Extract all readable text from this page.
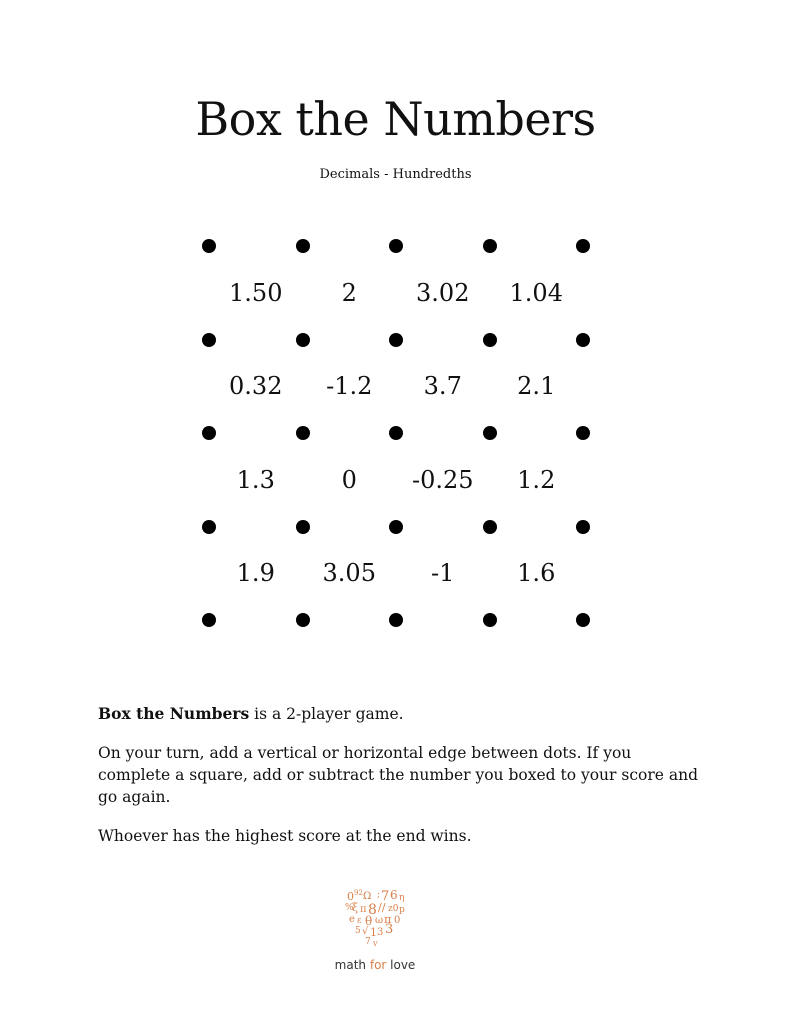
Box the Numbers
Decimals - Hundredths
1.50 2 3.02 1.04
0.32 -1.2 3.7 2.1
1.3	0 -0.25 1.2
1.9 3.05 -1	1.6

Box the Numbers is a 2-player game.

On your turn, add a vertical or horizontal edge between dots. If you complete a square, add or subtract the number you boxed to your score and go again.

Whoever has the highest score at the end wins.

0 92 Ω ; 7 6 η
%
ξ π 8 // z0 p
e ε θ ω π 0
5 √ 1 3 3
7 v
math for love
